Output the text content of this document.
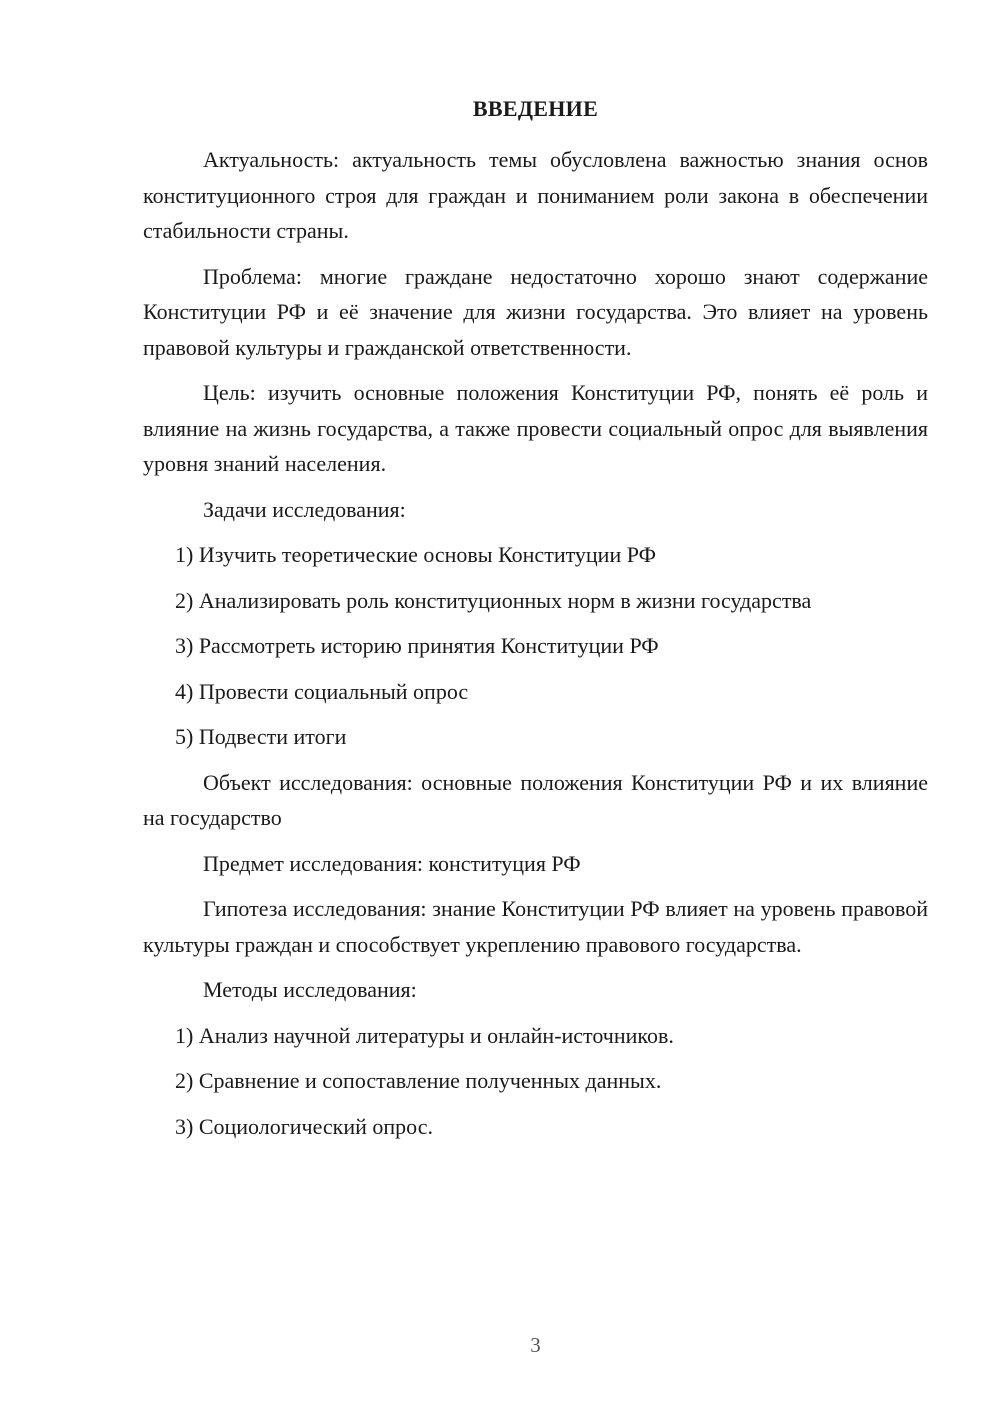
ВВЕДЕНИЕ

Актуальность: актуальность темы обусловлена важностью знания основ конституционного строя для граждан и пониманием роли закона в обеспечении стабильности страны.

Проблема: многие граждане недостаточно хорошо знают содержание Конституции РФ и её значение для жизни государства. Это влияет на уровень правовой культуры и гражданской ответственности.

Цель: изучить основные положения Конституции РФ, понять её роль и влияние на жизнь государства, а также провести социальный опрос для выявления уровня знаний населения.

Задачи исследования:

1) Изучить теоретические основы Конституции РФ

2) Анализировать роль конституционных норм в жизни государства

3) Рассмотреть историю принятия Конституции РФ

4) Провести социальный опрос

5) Подвести итоги

Объект исследования: основные положения Конституции РФ и их влияние на государство

Предмет исследования: конституция РФ

Гипотеза исследования: знание Конституции РФ влияет на уровень правовой культуры граждан и способствует укреплению правового государства.

Методы исследования:

1) Анализ научной литературы и онлайн-источников.

2) Сравнение и сопоставление полученных данных.

3) Социологический опрос.

3
